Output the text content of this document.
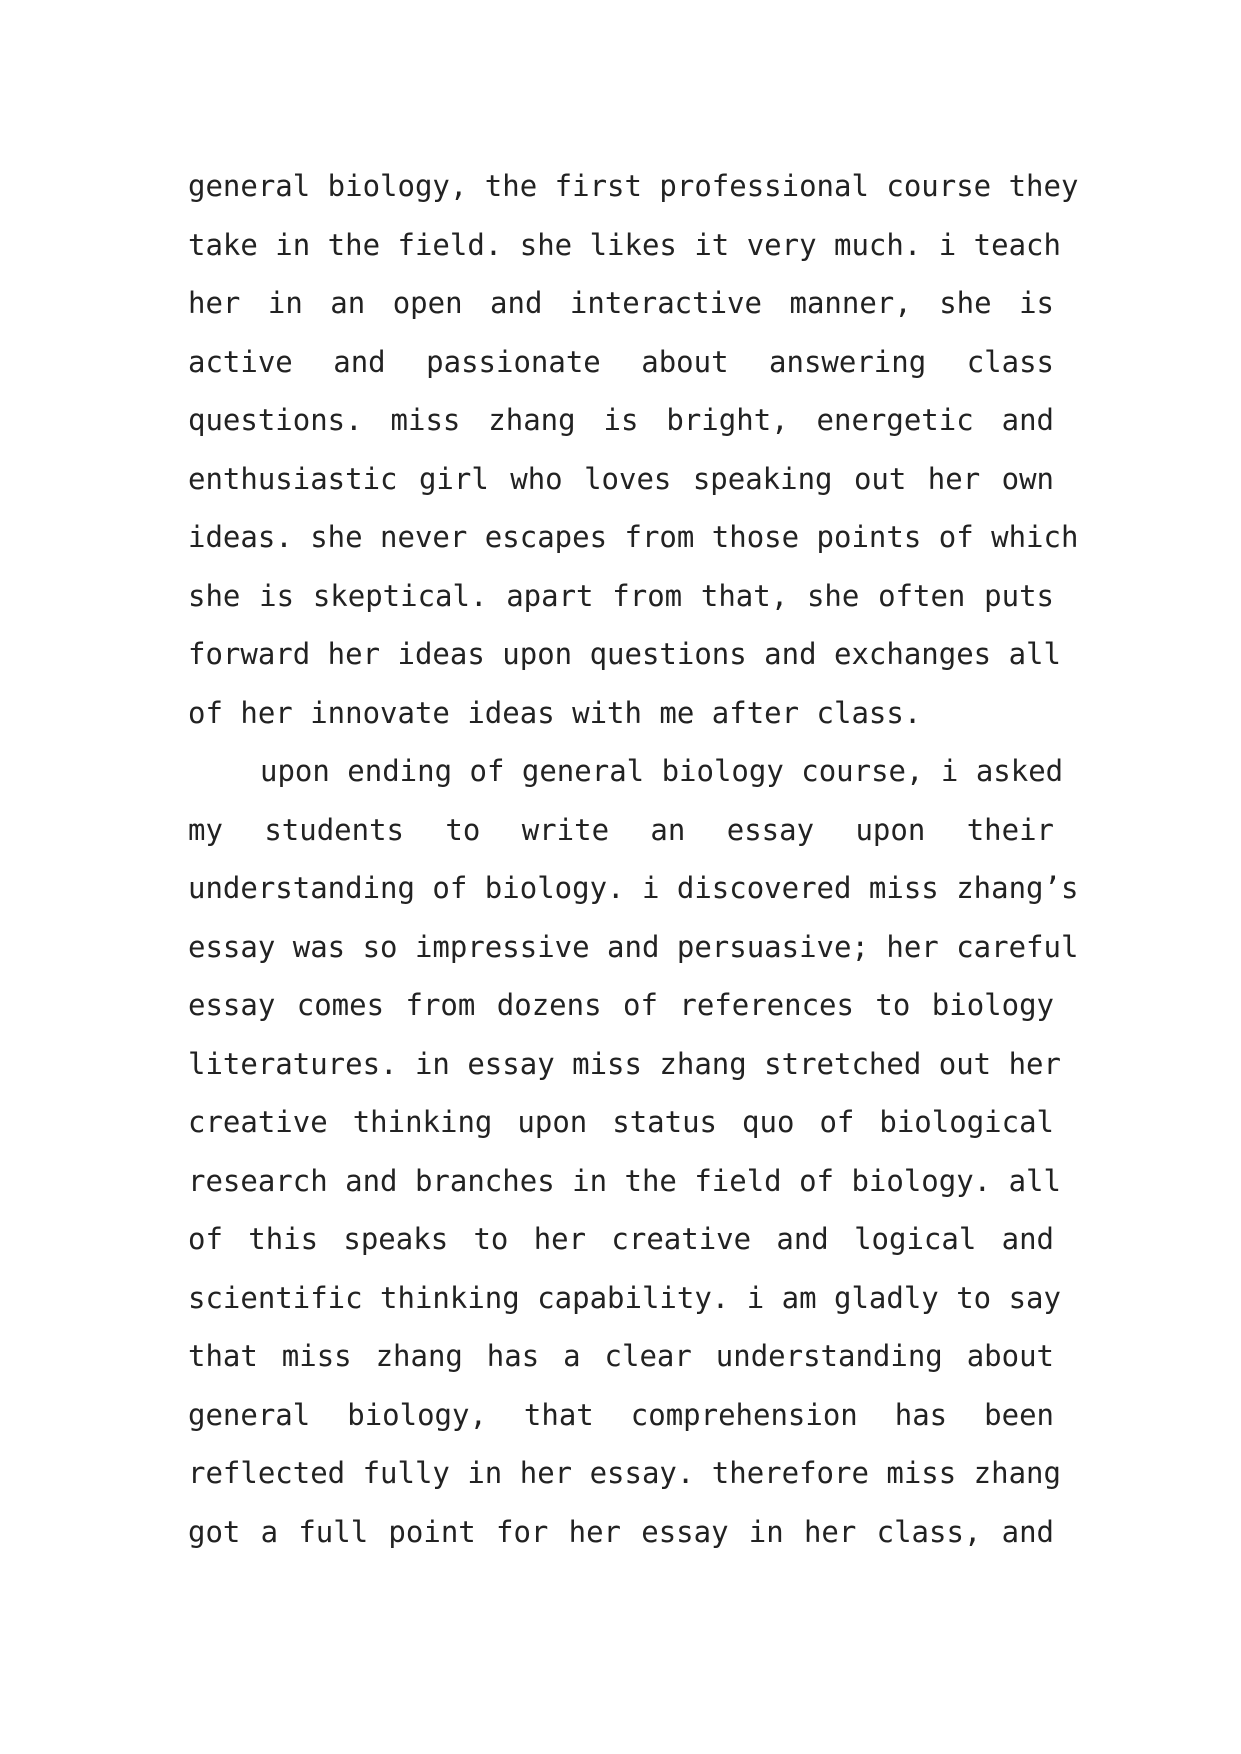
general biology, the first professional course they
take in the field. she likes it very much. i teach
her in an open and interactive manner, she is
active and passionate about answering class
questions. miss zhang is bright, energetic and
enthusiastic girl who loves speaking out her own
ideas. she never escapes from those points of which
she is skeptical. apart from that, she often puts
forward her ideas upon questions and exchanges all
of her innovate ideas with me after class.
upon ending of general biology course, i asked
my students to write an essay upon their
understanding of biology. i discovered miss zhang’s
essay was so impressive and persuasive; her careful
essay comes from dozens of references to biology
literatures. in essay miss zhang stretched out her
creative thinking upon status quo of biological
research and branches in the field of biology. all
of this speaks to her creative and logical and
scientific thinking capability. i am gladly to say
that miss zhang has a clear understanding about
general biology, that comprehension has been
reflected fully in her essay. therefore miss zhang
got a full point for her essay in her class, and
